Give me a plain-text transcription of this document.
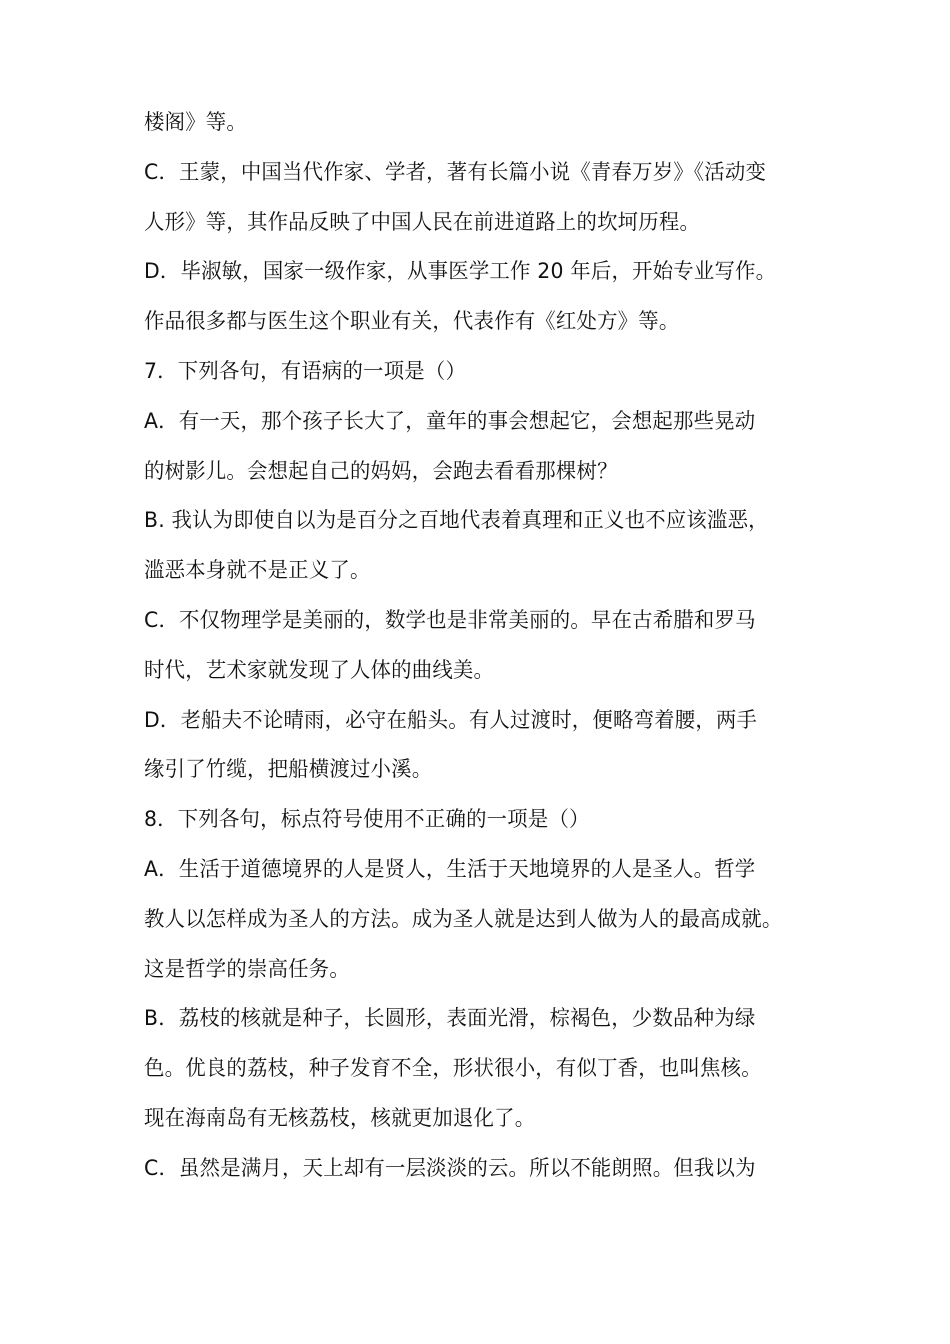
楼阁》等。
C．王蒙，中国当代作家、学者，著有长篇小说《青春万岁》《活动变
人形》等，其作品反映了中国人民在前进道路上的坎坷历程。
D．毕淑敏，国家一级作家，从事医学工作 20 年后，开始专业写作。
作品很多都与医生这个职业有关，代表作有《红处方》等。
7．下列各句，有语病的一项是（）
A．有一天，那个孩子长大了，童年的事会想起它，会想起那些晃动
的树影儿。会想起自己的妈妈，会跑去看看那棵树？
B. 我认为即使自以为是百分之百地代表着真理和正义也不应该滥恶，
滥恶本身就不是正义了。
C．不仅物理学是美丽的，数学也是非常美丽的。早在古希腊和罗马
时代，艺术家就发现了人体的曲线美。
D．老船夫不论晴雨，必守在船头。有人过渡时，便略弯着腰，两手
缘引了竹缆，把船横渡过小溪。
8．下列各句，标点符号使用不正确的一项是（）
A．生活于道德境界的人是贤人，生活于天地境界的人是圣人。哲学
教人以怎样成为圣人的方法。成为圣人就是达到人做为人的最高成就。
这是哲学的崇高任务。
B．荔枝的核就是种子，长圆形，表面光滑，棕褐色，少数品种为绿
色。优良的荔枝，种子发育不全，形状很小，有似丁香，也叫焦核。
现在海南岛有无核荔枝，核就更加退化了。
C．虽然是满月，天上却有一层淡淡的云。所以不能朗照。但我以为
